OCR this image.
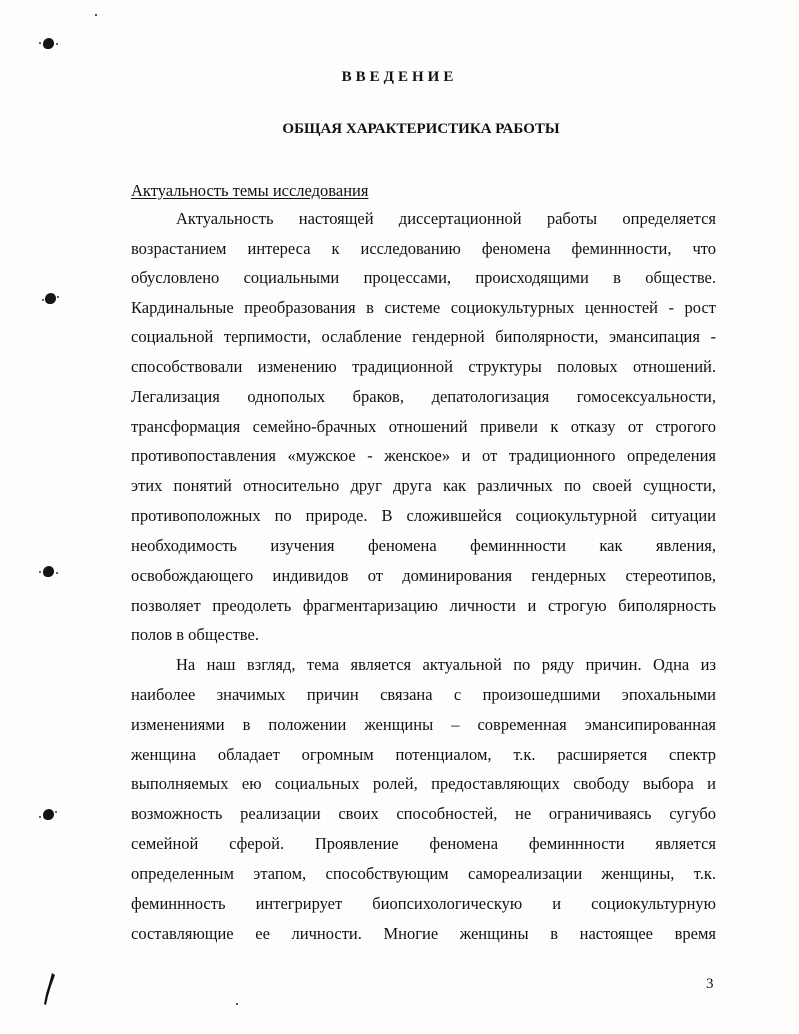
ВВЕДЕНИЕ
ОБЩАЯ ХАРАКТЕРИСТИКА РАБОТЫ
Актуальность темы исследования
Актуальность настоящей диссертационной работы определяется
возрастанием интереса к исследованию феномена феминнности, что
обусловлено социальными процессами, происходящими в обществе.
Кардинальные преобразования в системе социокультурных ценностей - рост
социальной терпимости, ослабление гендерной биполярности, эмансипация -
способствовали изменению традиционной структуры половых отношений.
Легализация однополых браков, депатологизация гомосексуальности,
трансформация семейно-брачных отношений привели к отказу от строгого
противопоставления «мужское - женское» и от традиционного определения
этих понятий относительно друг друга как различных по своей сущности,
противоположных по природе. В сложившейся социокультурной ситуации
необходимость изучения феномена феминнности как явления,
освобождающего индивидов от доминирования гендерных стереотипов,
позволяет преодолеть фрагментаризацию личности и строгую биполярность
полов в обществе.
На наш взгляд, тема является актуальной по ряду причин. Одна из
наиболее значимых причин связана с произошедшими эпохальными
изменениями в положении женщины – современная эмансипированная
женщина обладает огромным потенциалом, т.к. расширяется спектр
выполняемых ею социальных ролей, предоставляющих свободу выбора и
возможность реализации своих способностей, не ограничиваясь сугубо
семейной сферой. Проявление феномена феминнности является
определенным этапом, способствующим самореализации женщины, т.к.
феминнность интегрирует биопсихологическую и социокультурную
составляющие ее личности. Многие женщины в настоящее время
3
